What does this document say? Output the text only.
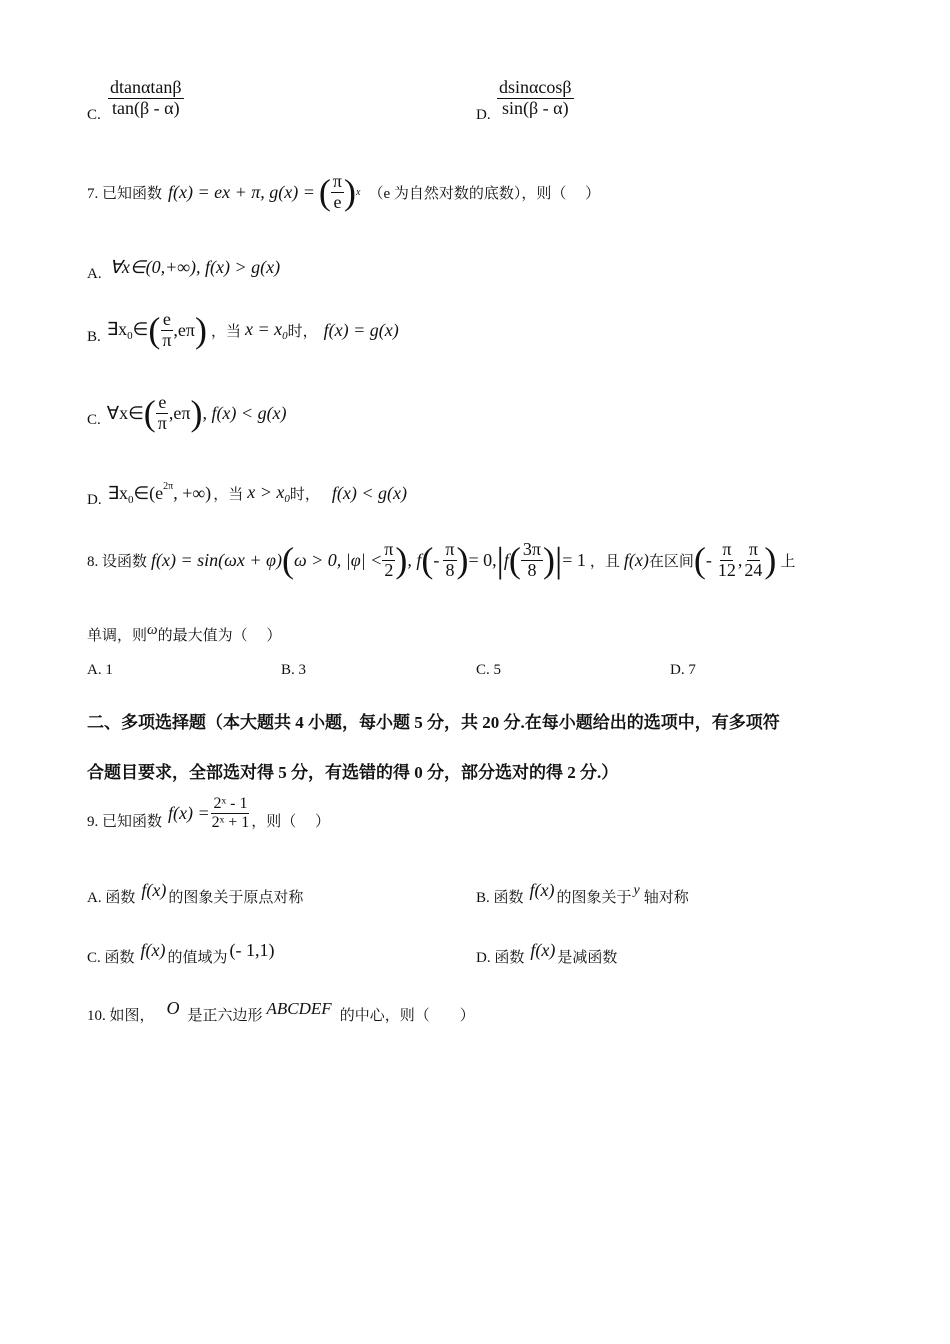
C. $\frac{dtan\alpha\tan\beta}{\tan(\beta - \alpha)}$	D. $\frac{dsin\alpha\cos\beta}{\sin(\beta - \alpha)}$
7. 已知函数 f(x) = ex + π, g(x) = ( $\frac{\pi}{e}$ ) x （e 为自然对数的底数），则（　 ）
A. ∀x∈(0,+∞), f(x) > g(x)
B. $\exists x_0\in$ ( $\frac{e}{\pi} ,e\pi$ ) ，当 $x = x_0$ 时， f(x) = g(x)
C. ∀x∈ ( $\frac{e}{\pi} ,e\pi$ ) , f(x) < g(x)
D. $\exists x_0\in(e^{2\pi}$, +∞) ，当 $x > x_0$ 时， f(x) < g(x)
8. 设函数 f(x) = sin(ωx + φ) ( ω > 0, $|\varphi| < \frac{\pi}{2}$ ) , f ( - $\frac{\pi}{8}$ ) = 0, | f ( $\frac{3\pi}{8}$ )| = 1 ，且 f(x) 在区间 ( - $\frac{\pi}{12}$ , $\frac{\pi}{24}$ ) 上
单调，则 ω 的最大值为（　 ）
A. 1	B. 3	C. 5	D. 7
二、多项选择题（本大题共 4 小题，每小题 5 分，共 20 分.在每小题给出的选项中，有多项符
合题目要求，全部选对得 5 分，有选错的得 0 分，部分选对的得 2 分.）
9. 已知函数 $f(x) = \frac{\text{2ˣ - 1}}{\text{2ˣ + 1}}$ ，则（　 ）
A. 函数 f(x) 的图象关于原点对称	B. 函数 f(x) 的图象关于 y 轴对称
C. 函数 f(x) 的值域为 (- 1,1)	D. 函数 f(x) 是减函数
10. 如图， O 是正六边形 ABCDEF 的中心，则（　　）
